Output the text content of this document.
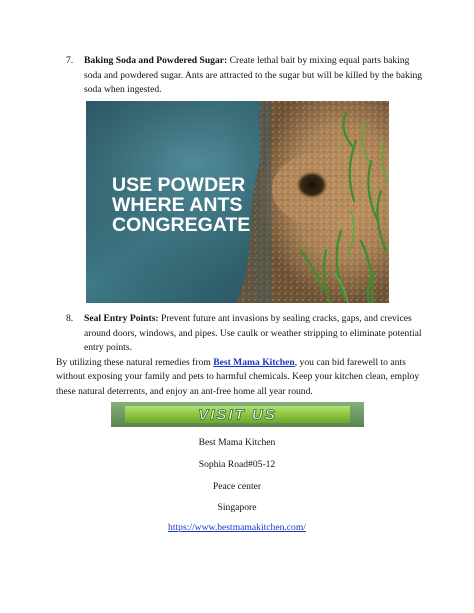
7. Baking Soda and Powdered Sugar: Create lethal bait by mixing equal parts baking soda and powdered sugar. Ants are attracted to the sugar but will be killed by the baking soda when ingested.
USE POWDER
WHERE ANTS
CONGREGATE
8. Seal Entry Points: Prevent future ant invasions by sealing cracks, gaps, and crevices around doors, windows, and pipes. Use caulk or weather stripping to eliminate potential entry points.
By utilizing these natural remedies from Best Mama Kitchen, you can bid farewell to ants without exposing your family and pets to harmful chemicals. Keep your kitchen clean, employ these natural deterrents, and enjoy an ant-free home all year round.
VISIT US
Best Mama Kitchen
Sophia Road#05-12
Peace center
Singapore
https://www.bestmamakitchen.com/
